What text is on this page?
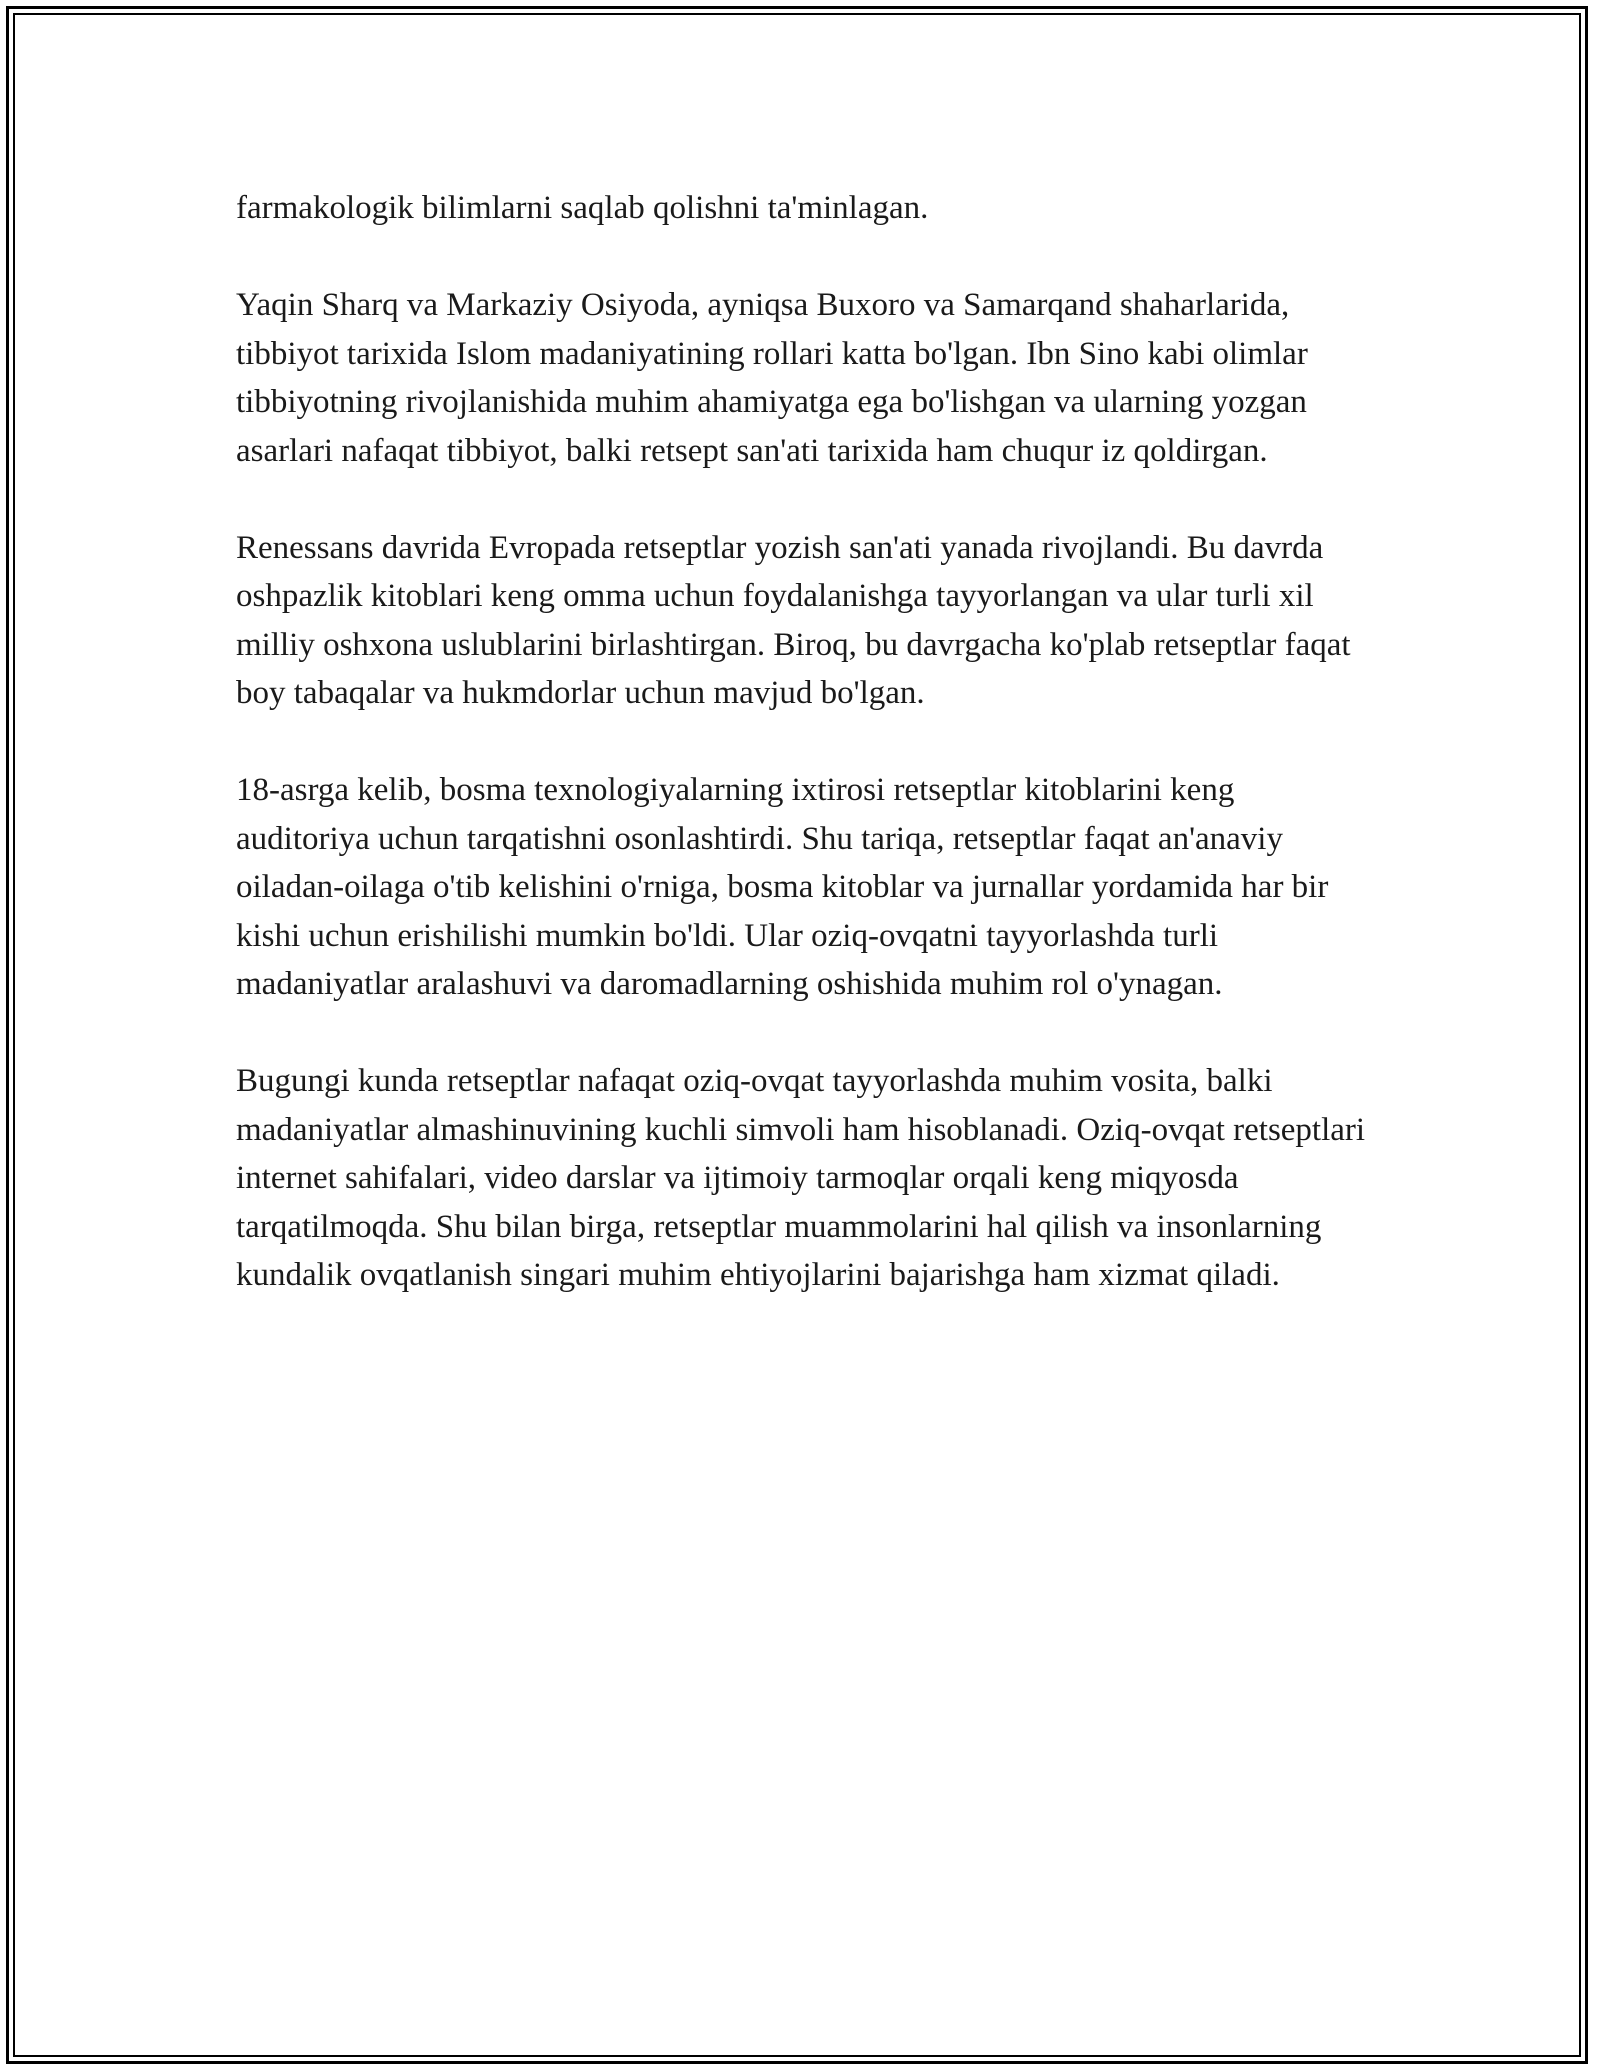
farmakologik bilimlarni saqlab qolishni ta'minlagan.

Yaqin Sharq va Markaziy Osiyoda, ayniqsa Buxoro va Samarqand shaharlarida, tibbiyot tarixida Islom madaniyatining rollari katta bo'lgan. Ibn Sino kabi olimlar tibbiyotning rivojlanishida muhim ahamiyatga ega bo'lishgan va ularning yozgan asarlari nafaqat tibbiyot, balki retsept san'ati tarixida ham chuqur iz qoldirgan.

Renessans davrida Evropada retseptlar yozish san'ati yanada rivojlandi. Bu davrda oshpazlik kitoblari keng omma uchun foydalanishga tayyorlangan va ular turli xil milliy oshxona uslublarini birlashtirgan. Biroq, bu davrgacha ko'plab retseptlar faqat boy tabaqalar va hukmdorlar uchun mavjud bo'lgan.

18-asrga kelib, bosma texnologiyalarning ixtirosi retseptlar kitoblarini keng auditoriya uchun tarqatishni osonlashtirdi. Shu tariqa, retseptlar faqat an'anaviy oiladan-oilaga o'tib kelishini o'rniga, bosma kitoblar va jurnallar yordamida har bir kishi uchun erishilishi mumkin bo'ldi. Ular oziq-ovqatni tayyorlashda turli madaniyatlar aralashuvi va daromadlarning oshishida muhim rol o'ynagan.

Bugungi kunda retseptlar nafaqat oziq-ovqat tayyorlashda muhim vosita, balki madaniyatlar almashinuvining kuchli simvoli ham hisoblanadi. Oziq-ovqat retseptlari internet sahifalari, video darslar va ijtimoiy tarmoqlar orqali keng miqyosda tarqatilmoqda. Shu bilan birga, retseptlar muammolarini hal qilish va insonlarning kundalik ovqatlanish singari muhim ehtiyojlarini bajarishga ham xizmat qiladi.
